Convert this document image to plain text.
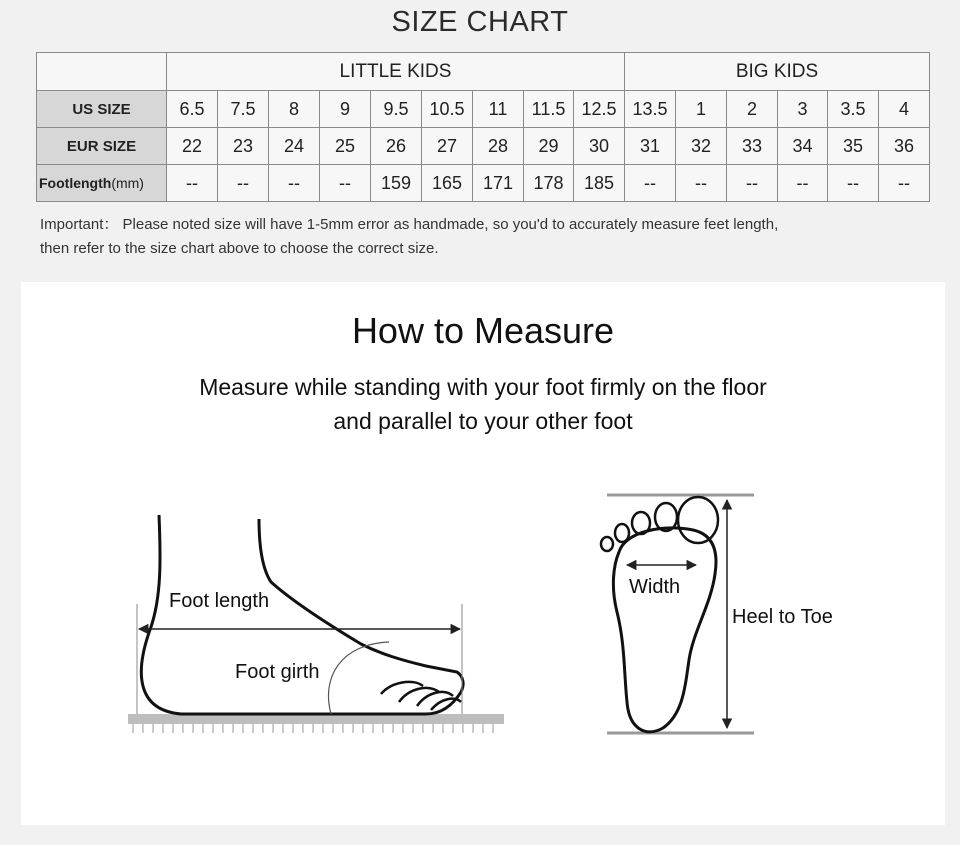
SIZE CHART
	LITTLE KIDS									BIG KIDS					
US SIZE	6.5	7.5	8	9	9.5	10.5	11	11.5	12.5	13.5	1	2	3	3.5	4
EUR SIZE	22	23	24	25	26	27	28	29	30	31	32	33	34	35	36
Footlength(mm)	--	--	--	--	159	165	171	178	185	--	--	--	--	--	--
Important： Please noted size will have 1-5mm error as handmade, so you'd to accurately measure feet length,
then refer to the size chart above to choose the correct size.
How to Measure
Measure while standing with your foot firmly on the floor
and parallel to your other foot
Foot length
Foot girth
Width
Heel to Toe
